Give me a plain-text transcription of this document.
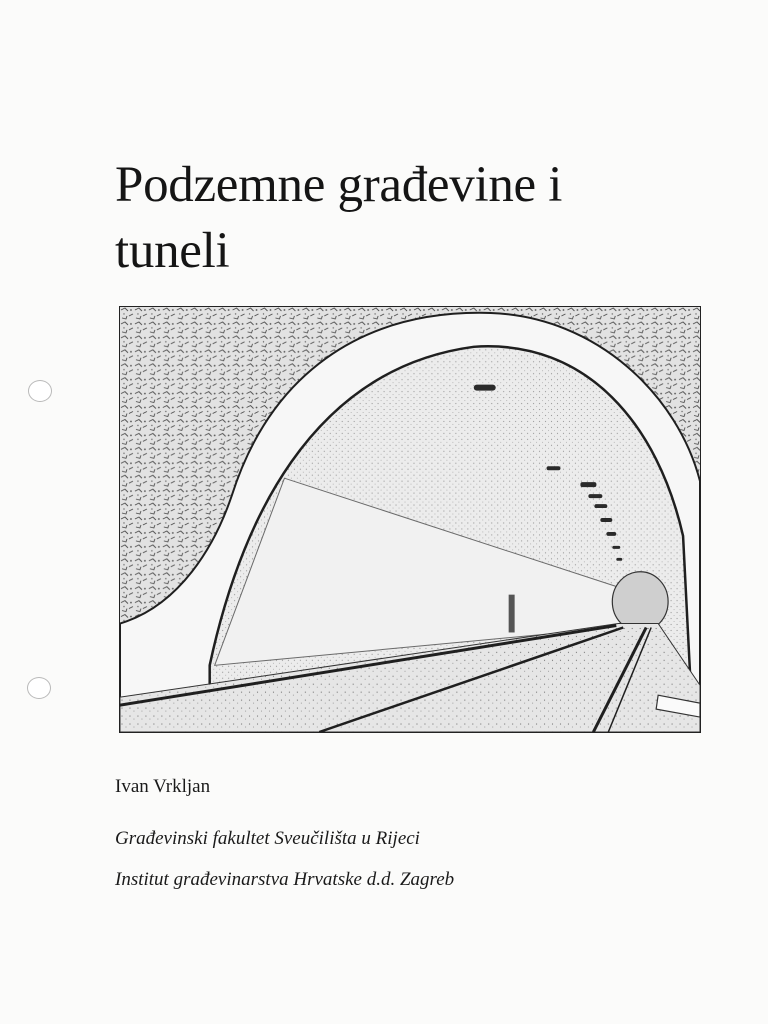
Podzemne građevine i
tuneli

Ivan Vrkljan

Građevinski fakultet Sveučilišta u Rijeci

Institut građevinarstva Hrvatske d.d. Zagreb
